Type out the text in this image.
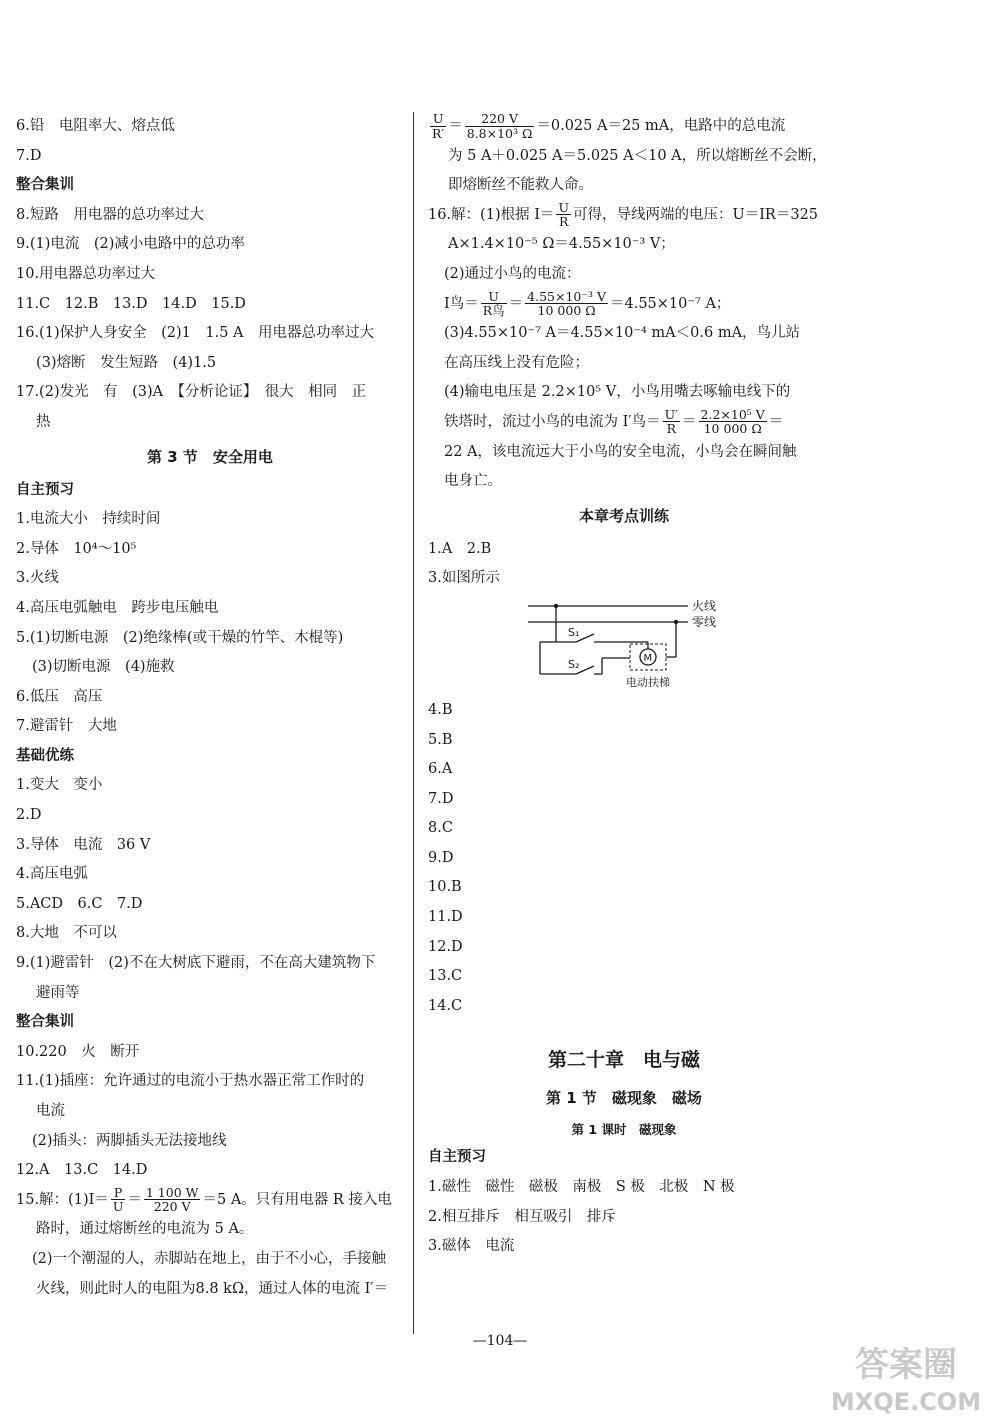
6.铅　电阻率大、熔点低
7.D
整合集训
8.短路　用电器的总功率过大
9.(1)电流　(2)减小电路中的总功率
10.用电器总功率过大
11.C　12.B　13.D　14.D　15.D
16.(1)保护人身安全　(2)1　1.5 A　用电器总功率过大
(3)熔断　发生短路　(4)1.5
17.(2)发光　有　(3)A　【分析论证】　很大　相同　正
热
第 3 节　安全用电
自主预习
1.电流大小　持续时间
2.导体　10⁴～10⁵
3.火线
4.高压电弧触电　跨步电压触电
5.(1)切断电源　(2)绝缘棒(或干燥的竹竿、木棍等)
(3)切断电源　(4)施救
6.低压　高压
7.避雷针　大地
基础优练
1.变大　变小
2.D
3.导体　电流　36 V
4.高压电弧
5.ACD　6.C　7.D
8.大地　不可以
9.(1)避雷针　(2)不在大树底下避雨，不在高大建筑物下
避雨等
整合集训
10.220　火　断开
11.(1)插座：允许通过的电流小于热水器正常工作时的
电流
(2)插头：两脚插头无法接地线
12.A　13.C　14.D
15.解：$(1)I= \frac{P}{U} = \frac{1 100 W}{220 V} =5$ A。只有用电器 R 接入电
路时，通过熔断丝的电流为 5 A。
(2)一个潮湿的人，赤脚站在地上，由于不小心，手接触
火线，则此时人的电阻为8.8 kΩ，通过人体的电流 I′＝
$\frac{U}{R'} = \frac{220 V}{\text{8.8×10³ Ω}} =0.025$ A＝25 mA，电路中的总电流
为 5 A＋0.025 A＝5.025 A＜10 A，所以熔断丝不会断，
即熔断丝不能救人命。
16.解：(1)根据 $I= \frac{U}{R}$ 可得，导线两端的电压：U＝IR＝325
A×1.4×10⁻⁵ Ω＝4.55×10⁻³ V；
(2)通过小鸟的电流：
I鸟＝ $\frac{U}{\text{R鸟}} = \frac{\text{4.55×10⁻³ V}}{10 000 \Omega} =4.55\times 10^{-7}$ A；
(3)4.55×10⁻⁷ A＝4.55×10⁻⁴ mA＜0.6 mA，鸟儿站
在高压线上没有危险；
(4)输电电压是 2.2×10⁵ V，小鸟用嘴去啄输电线下的
铁塔时，流过小鸟的电流为 I′鸟＝ $\frac{U'}{R} = \frac{\text{2.2×10⁵ V}}{10 000 \Omega}$ ＝
22 A，该电流远大于小鸟的安全电流，小鸟会在瞬间触
电身亡。
本章考点训练
1.A　2.B
3.如图所示
火线
零线
S₁
S₂	M
电动扶梯
4.B
5.B
6.A
7.D
8.C
9.D
10.B
11.D
12.D
13.C
14.C
第二十章　电与磁
第 1 节　磁现象　磁场
第 1 课时　磁现象
自主预习
1.磁性　磁性　磁极　南极　S 极　北极　N 极
2.相互排斥　相互吸引　排斥
3.磁体　电流
—104—
答案圈
MXQE.COM
